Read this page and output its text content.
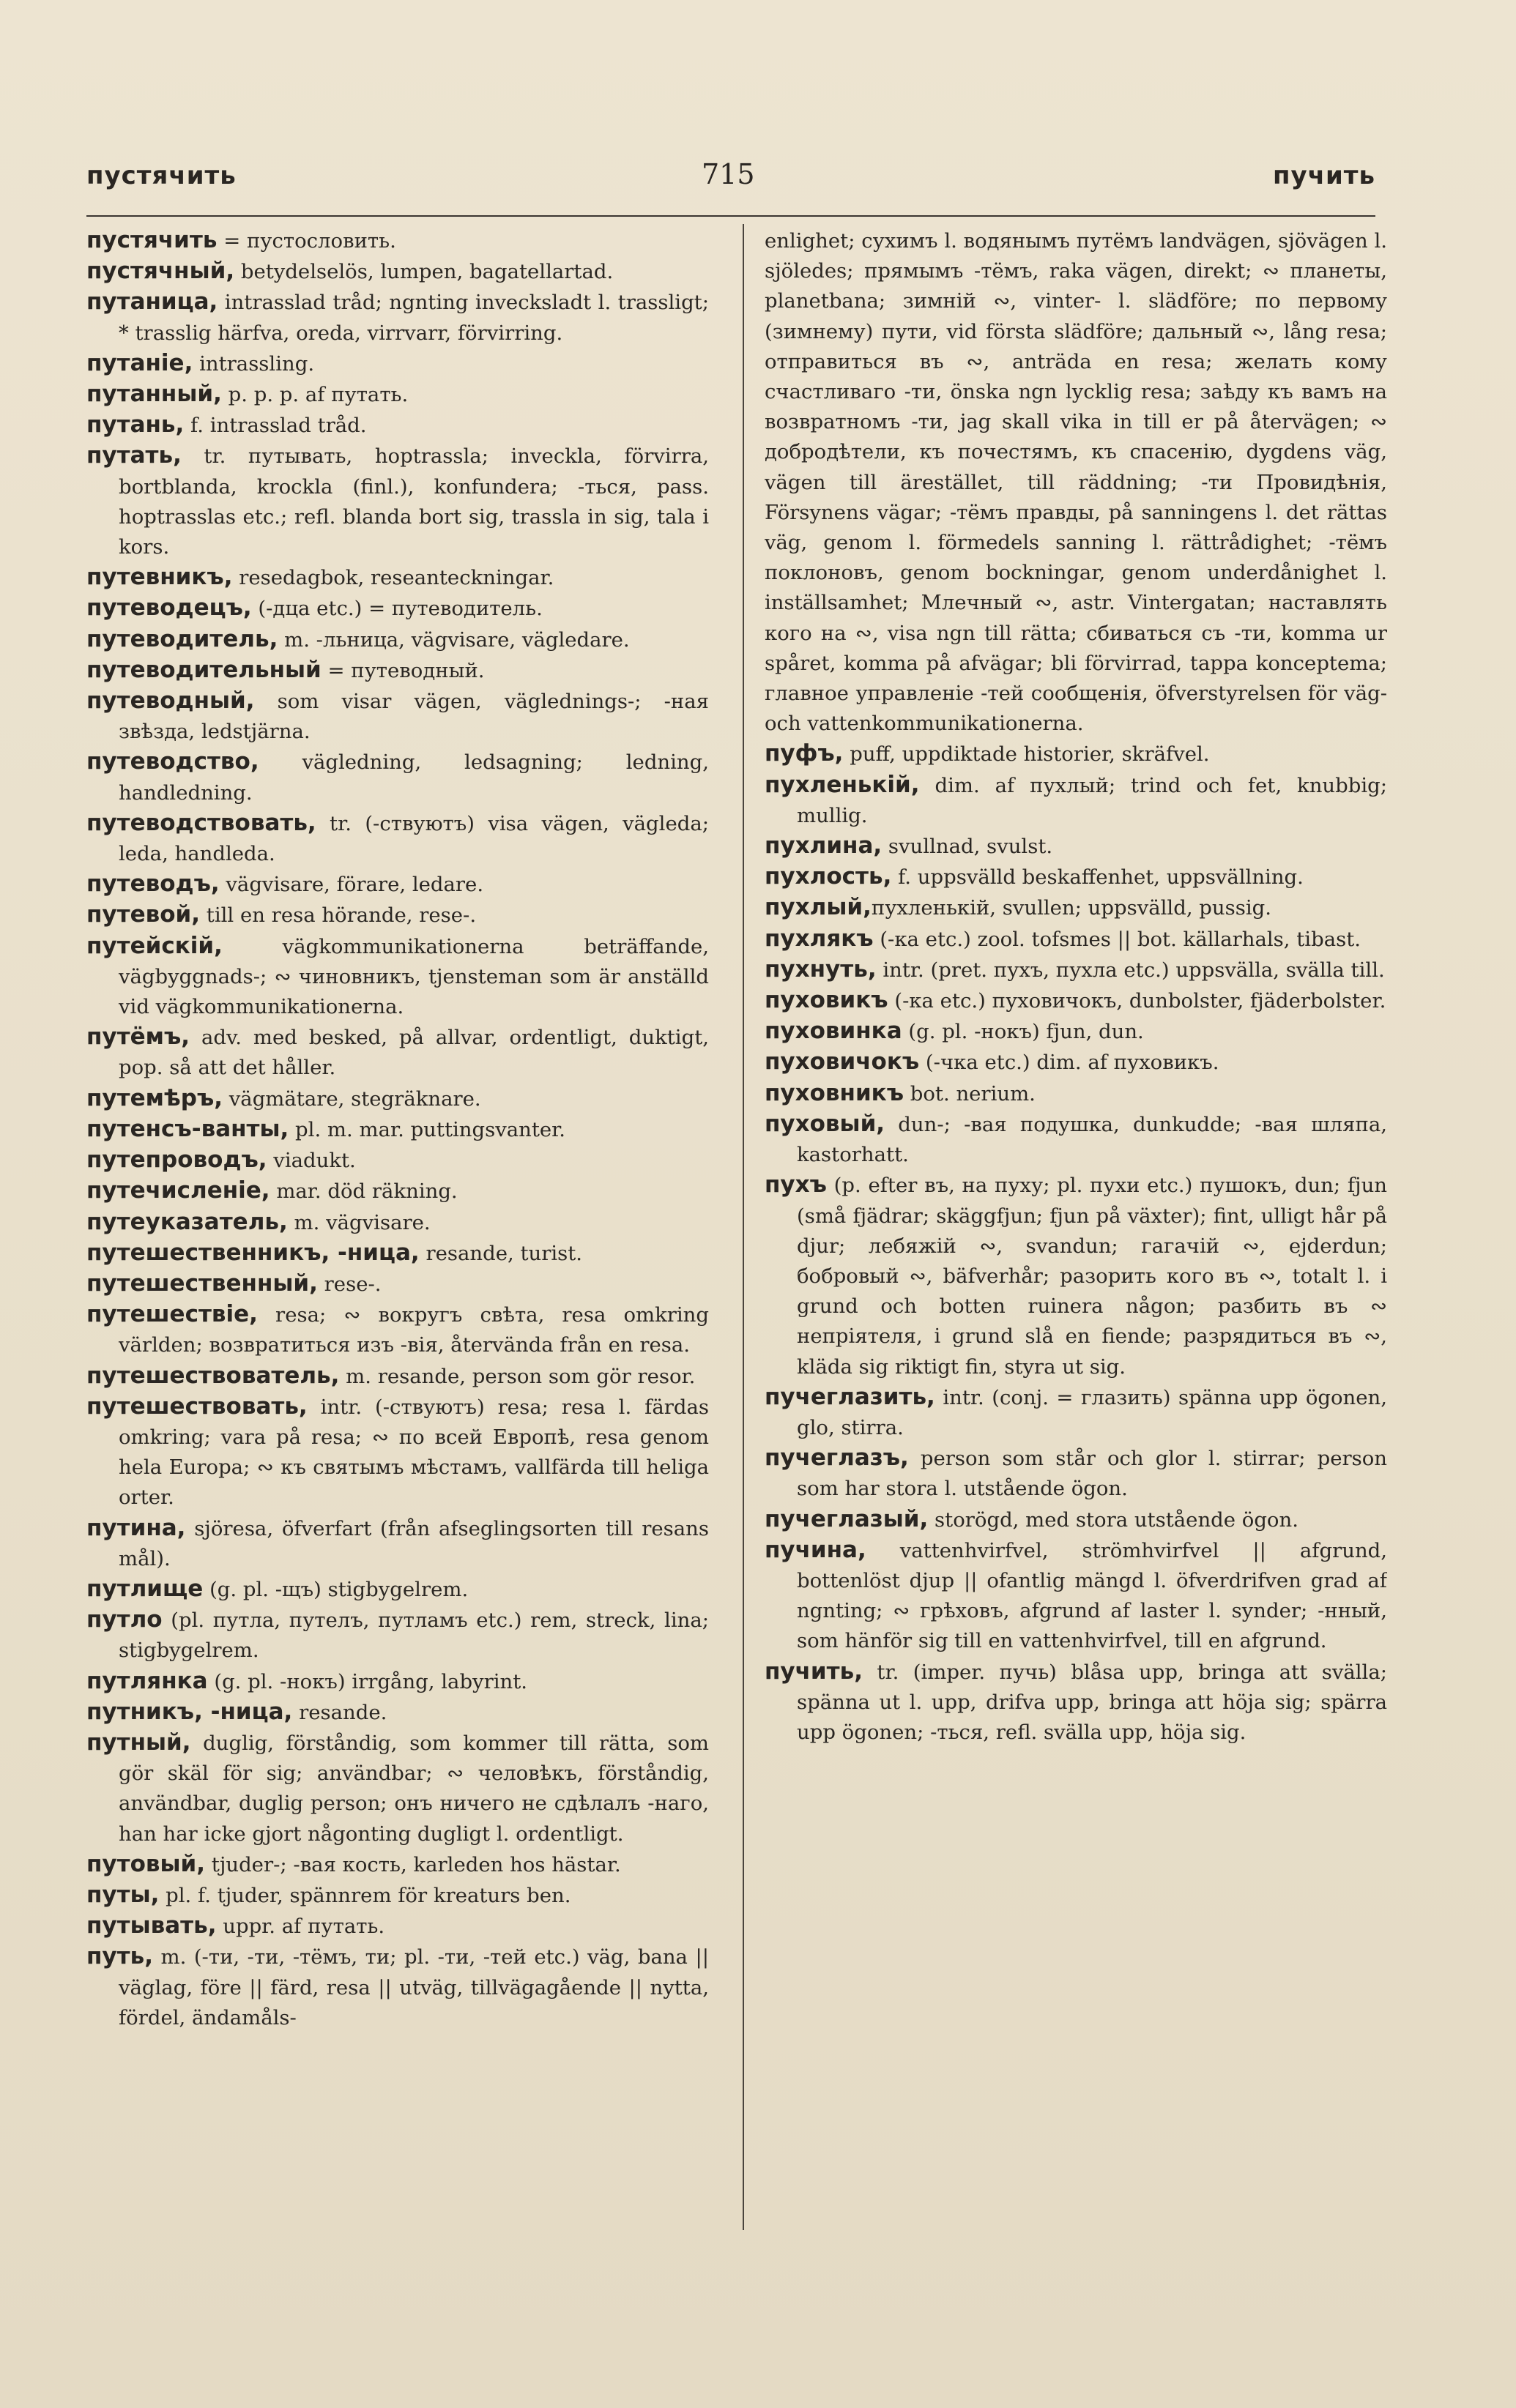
пустячить	715	пучить

пустячить = пустословить.

пустячный, betydelselös, lumpen, bagatellartad.

путаница, intrasslad tråd; ngnting invecksladt l. trassligt; * trasslig härfva, oreda, virrvarr, förvirring.

путаніе, intrassling.

путанный, p. p. p. af путать.

путань, f. intrasslad tråd.

путать, tr. путывать, hoptrassla; inveckla, förvirra, bortblanda, krockla (finl.), konfundera; -ться, pass. hoptrasslas etc.; refl. blanda bort sig, trassla in sig, tala i kors.

путевникъ, resedagbok, reseanteckningar.

путеводецъ, (-дца etc.) = путеводитель.

путеводитель, m. -льница, vägvisare, vägledare.

путеводительный = путеводный.

путеводный, som visar vägen, väglednings-; -ная звѣзда, ledstjärna.

путеводство, vägledning, ledsagning; ledning, handledning.

путеводствовать, tr. (-ствуютъ) visa vägen, vägleda; leda, handleda.

путеводъ, vägvisare, förare, ledare.

путевой, till en resa hörande, rese-.

путейскій, vägkommunikationerna beträffande, vägbyggnads-; ∾ чиновникъ, tjensteman som är anställd vid vägkommunikationerna.

путёмъ, adv. med besked, på allvar, ordentligt, duktigt, pop. så att det håller.

путемѣръ, vägmätare, stegräknare.

путенсъ-ванты, pl. m. mar. puttingsvanter.

путепроводъ, viadukt.

путечисленіе, mar. död räkning.

путеуказатель, m. vägvisare.

путешественникъ, -ница, resande, turist.

путешественный, rese-.

путешествіе, resa; ∾ вокругъ свѣта, resa omkring världen; возвратиться изъ -вія, återvända från en resa.

путешествователь, m. resande, person som gör resor.

путешествовать, intr. (-ствуютъ) resa; resa l. färdas omkring; vara på resa; ∾ по всей Европѣ, resa genom hela Europa; ∾ къ святымъ мѣстамъ, vallfärda till heliga orter.

путина, sjöresa, öfverfart (från afseglingsorten till resans mål).

путлище (g. pl. -щъ) stigbygelrem.

путло (pl. путла, путелъ, путламъ etc.) rem, streck, lina; stigbygelrem.

путлянка (g. pl. -нокъ) irrgång, labyrint.

путникъ, -ница, resande.

путный, duglig, förståndig, som kommer till rätta, som gör skäl för sig; användbar; ∾ человѣкъ, förståndig, användbar, duglig person; онъ ничего не сдѣлалъ -наго, han har icke gjort någonting dugligt l. ordentligt.

путовый, tjuder-; -вая кость, karleden hos hästar.

путы, pl. f. tjuder, spännrem för kreaturs ben.

путывать, uppr. af путать.

путь, m. (-ти, -ти, -тёмъ, ти; pl. -ти, -тей etc.) väg, bana || väglag, före || färd, resa || utväg, tillvägagående || nytta, fördel, ändamåls-

enlighet; сухимъ l. водянымъ путёмъ landvägen, sjövägen l. sjöledes; прямымъ -тёмъ, raka vägen, direkt; ∾ планеты, planetbana; зимній ∾, vinter- l. slädföre; по первому (зимнему) пути, vid första slädföre; дальный ∾, lång resa; отправиться въ ∾, anträda en resa; желать кому счастливаго -ти, önska ngn lycklig resa; заѣду къ вамъ на возвратномъ -ти, jag skall vika in till er på återvägen; ∾ добродѣтели, къ почестямъ, къ спасенію, dygdens väg, vägen till ärestället, till räddning; -ти Провидѣнія, Försynens vägar; -тёмъ правды, på sanningens l. det rättas väg, genom l. förmedels sanning l. rättrådighet; -тёмъ поклоновъ, genom bockningar, genom underdånighet l. inställsamhet; Млечный ∾, astr. Vintergatan; наставлять кого на ∾, visa ngn till rätta; сбиваться съ -ти, komma ur spåret, komma på afvägar; bli förvirrad, tappa konceptema; главное управленіе -тей сообщенія, öfverstyrelsen för väg- och vattenkommunikationerna.

пуфъ, puff, uppdiktade historier, skräfvel.

пухленькій, dim. af пухлый; trind och fet, knubbig; mullig.

пухлина, svullnad, svulst.

пухлость, f. uppsvälld beskaffenhet, uppsvällning.

пухлый,пухленькій, svullen; uppsvälld, pussig.

пухлякъ (-ка etc.) zool. tofsmes || bot. källarhals, tibast.

пухнуть, intr. (pret. пухъ, пухла etc.) uppsvälla, svälla till.

пуховикъ (-ка etc.) пуховичокъ, dunbolster, fjäderbolster.

пуховинка (g. pl. -нокъ) fjun, dun.

пуховичокъ (-чка etc.) dim. af пуховикъ.

пуховникъ bot. nerium.

пуховый, dun-; -вая подушка, dunkudde; -вая шляпа, kastorhatt.

пухъ (p. efter въ, на пуху; pl. пухи etc.) пушокъ, dun; fjun (små fjädrar; skäggfjun; fjun på växter); fint, ulligt hår på djur; лебяжій ∾, svandun; гагачій ∾, ejderdun; бобровый ∾, bäfverhår; разорить кого въ ∾, totalt l. i grund och botten ruinera någon; разбить въ ∾ непріятеля, i grund slå en fiende; разрядиться въ ∾, kläda sig riktigt fin, styra ut sig.

пучеглазить, intr. (conj. = глазить) spänna upp ögonen, glo, stirra.

пучеглазъ, person som står och glor l. stirrar; person som har stora l. utstående ögon.

пучеглазый, storögd, med stora utstående ögon.

пучина, vattenhvirfvel, strömhvirfvel || afgrund, bottenlöst djup || ofantlig mängd l. öfverdrifven grad af ngnting; ∾ грѣховъ, afgrund af laster l. synder; -нный, som hänför sig till en vattenhvirfvel, till en afgrund.

пучить, tr. (imper. пучь) blåsa upp, bringa att svälla; spänna ut l. upp, drifva upp, bringa att höja sig; spärra upp ögonen; -ться, refl. svälla upp, höja sig.
